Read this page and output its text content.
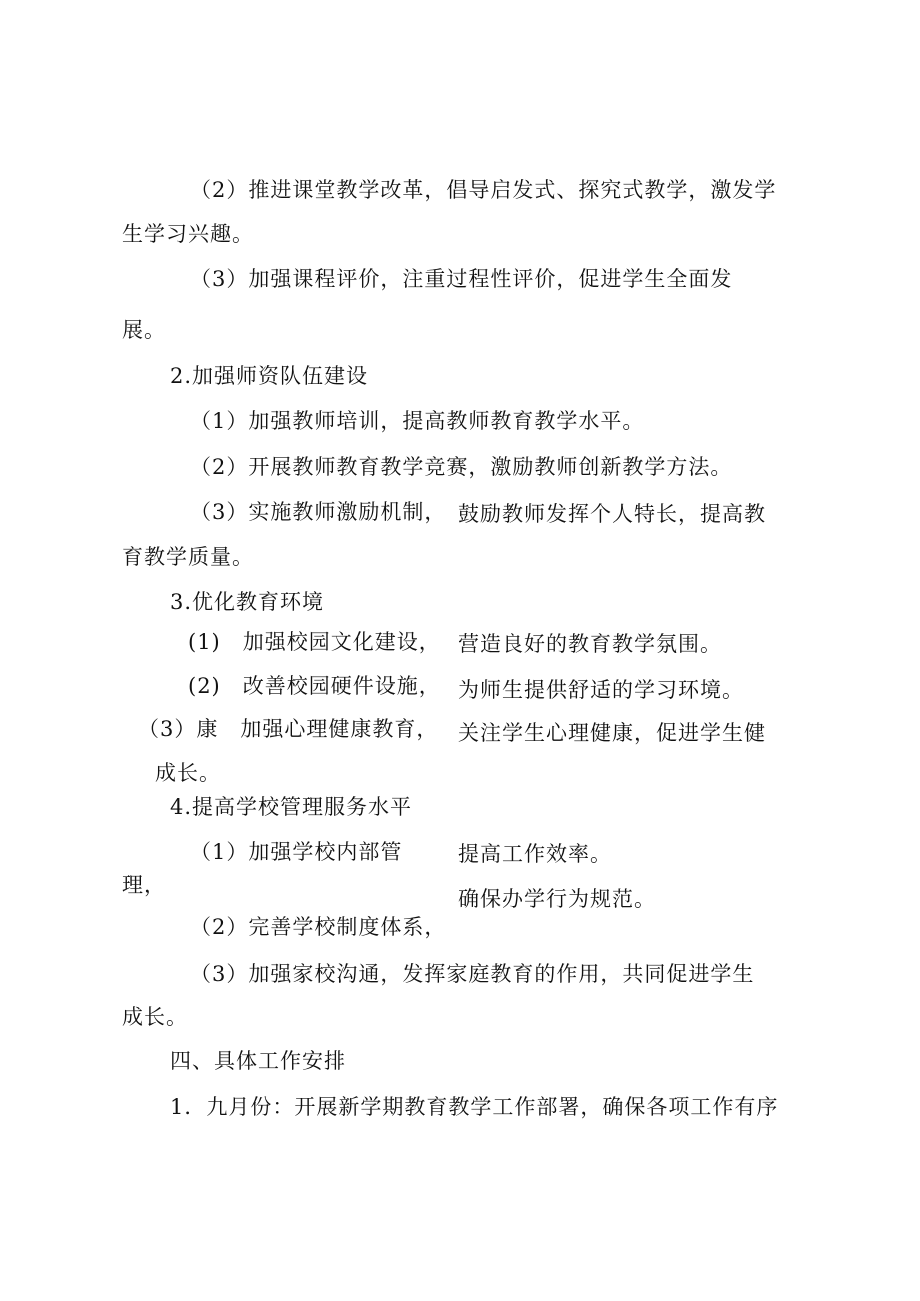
（2）推进课堂教学改革，倡导启发式、探究式教学，激发学
生学习兴趣。
（3）加强课程评价，注重过程性评价，促进学生全面发
展。
2.加强师资队伍建设
（1）加强教师培训，提高教师教育教学水平。
（2）开展教师教育教学竞赛，激励教师创新教学方法。
（3）实施教师激励机制， 鼓励教师发挥个人特长，提高教
育教学质量。
3.优化教育环境
(1)　加强校园文化建设， 营造良好的教育教学氛围。
(2)　改善校园硬件设施， 为师生提供舒适的学习环境。
（3）康　加强心理健康教育， 关注学生心理健康，促进学生健
成长。
4.提高学校管理服务水平
（1）加强学校内部管	提高工作效率。
理，
确保办学行为规范。
（2）完善学校制度体系，
（3）加强家校沟通，发挥家庭教育的作用，共同促进学生
成长。
四、具体工作安排
1．九月份：开展新学期教育教学工作部署，确保各项工作有序
